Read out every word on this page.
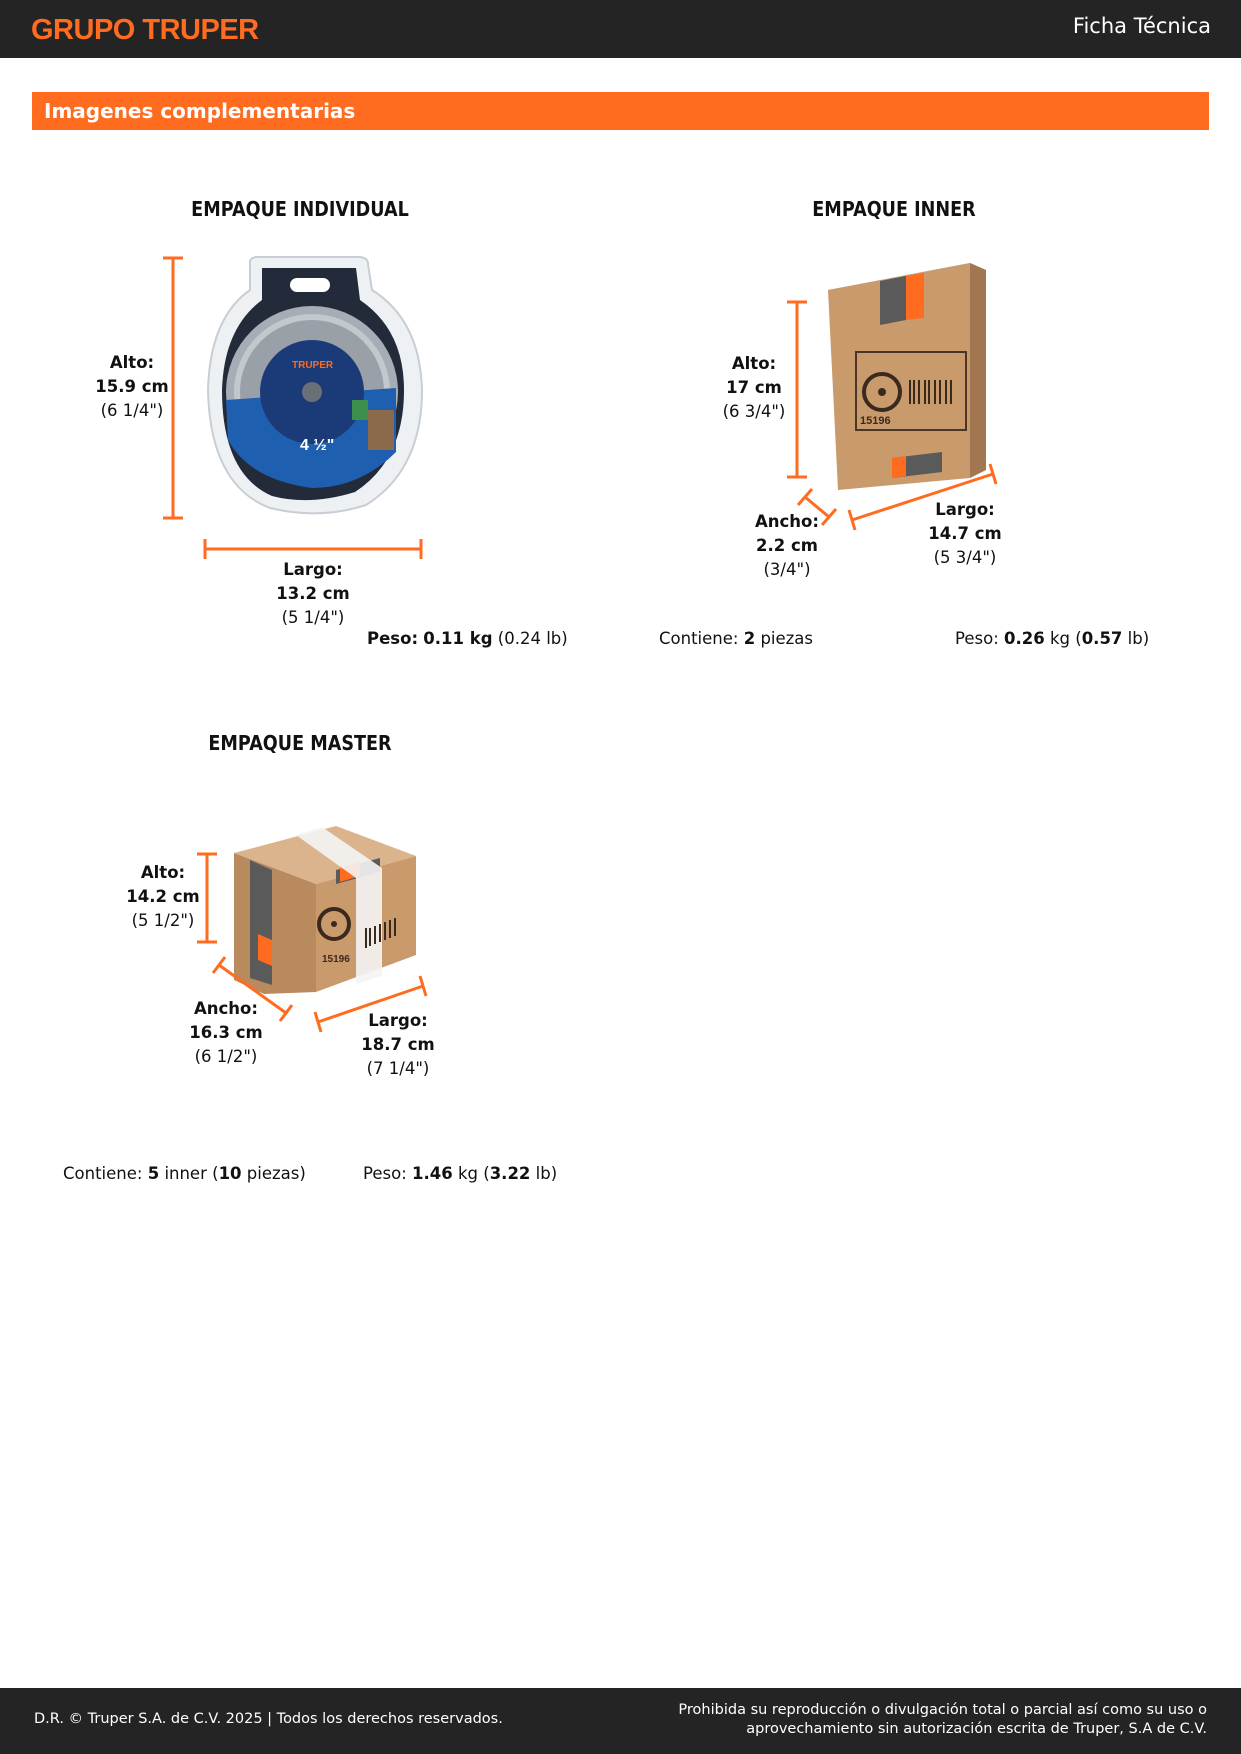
GRUPO TRUPER	Ficha Técnica
Imagenes complementarias
TRUPER
4 ½"
15196
15196
EMPAQUE INDIVIDUAL
Alto:
15.9 cm
(6 1/4")
Largo:
13.2 cm
(5 1/4")
Peso: 0.11 kg (0.24 lb)
EMPAQUE INNER
Alto:
17 cm
(6 3/4")
Ancho:
2.2 cm
(3/4")
Largo:
14.7 cm
(5 3/4")
Contiene: 2 piezas	Peso: 0.26 kg (0.57 lb)
EMPAQUE MASTER
Alto:
14.2 cm
(5 1/2")
Ancho:
16.3 cm
(6 1/2")
Largo:
18.7 cm
(7 1/4")
Contiene: 5 inner (10 piezas)	Peso: 1.46 kg (3.22 lb)
D.R. © Truper S.A. de C.V. 2025 | Todos los derechos reservados.
Prohibida su reproducción o divulgación total o parcial así como su uso o
aprovechamiento sin autorización escrita de Truper, S.A de C.V.
